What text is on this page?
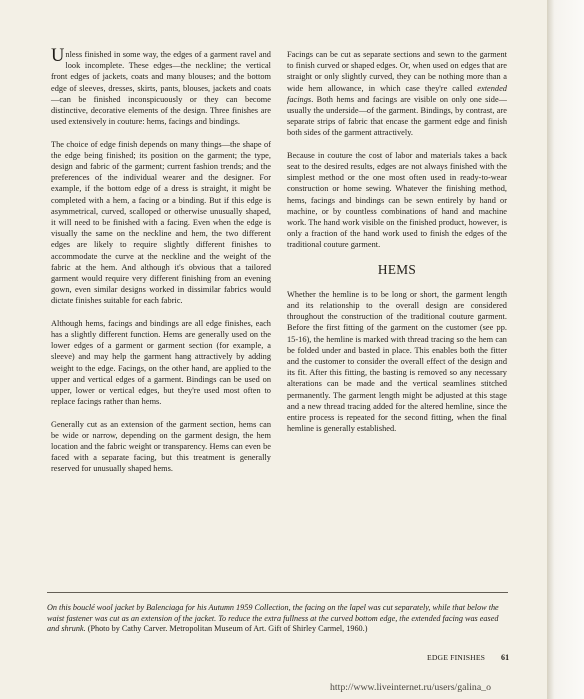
Unless finished in some way, the edges of a garment ravel and look incomplete. These edges—the neckline; the vertical front edges of jackets, coats and many blouses; and the bottom edge of sleeves, dresses, skirts, pants, blouses, jackets and coats—can be finished inconspicuously or they can become distinctive, decorative elements of the design. Three finishes are used extensively in couture: hems, facings and bindings.

The choice of edge finish depends on many things—the shape of the edge being finished; its position on the garment; the type, design and fabric of the garment; current fashion trends; and the preferences of the individual wearer and the designer. For example, if the bottom edge of a dress is straight, it might be completed with a hem, a facing or a binding. But if this edge is asymmetrical, curved, scalloped or otherwise unusually shaped, it will need to be finished with a facing. Even when the edge is visually the same on the neckline and hem, the two different edges are likely to require slightly different finishes to accommodate the curve at the neckline and the weight of the fabric at the hem. And although it's obvious that a tailored garment would require very different finishing from an evening gown, even similar designs worked in dissimilar fabrics would dictate finishes suitable for each fabric.

Although hems, facings and bindings are all edge finishes, each has a slightly different function. Hems are generally used on the lower edges of a garment or garment section (for example, a sleeve) and may help the garment hang attractively by adding weight to the edge. Facings, on the other hand, are applied to the upper and vertical edges of a garment. Bindings can be used on upper, lower or vertical edges, but they're used most often to replace facings rather than hems.

Generally cut as an extension of the garment section, hems can be wide or narrow, depending on the garment design, the hem location and the fabric weight or transparency. Hems can even be faced with a separate facing, but this treatment is generally reserved for unusually shaped hems.

Facings can be cut as separate sections and sewn to the garment to finish curved or shaped edges. Or, when used on edges that are straight or only slightly curved, they can be nothing more than a wide hem allowance, in which case they're called extended facings. Both hems and facings are visible on only one side—usually the underside—of the garment. Bindings, by contrast, are separate strips of fabric that encase the garment edge and finish both sides of the garment attractively.

Because in couture the cost of labor and materials takes a back seat to the desired results, edges are not always finished with the simplest method or the one most often used in ready-to-wear construction or home sewing. Whatever the finishing method, hems, facings and bindings can be sewn entirely by hand or machine, or by countless combinations of hand and machine work. The hand work visible on the finished product, however, is only a fraction of the hand work used to finish the edges of the traditional couture garment.

HEMS

Whether the hemline is to be long or short, the garment length and its relationship to the overall design are considered throughout the construction of the traditional couture garment. Before the first fitting of the garment on the customer (see pp. 15-16), the hemline is marked with thread tracing so the hem can be folded under and basted in place. This enables both the fitter and the customer to consider the overall effect of the design and its fit. After this fitting, the basting is removed so any necessary alterations can be made and the vertical seamlines stitched permanently. The garment length might be adjusted at this stage and a new thread tracing added for the altered hemline, since the entire process is repeated for the second fitting, when the final hemline is generally established.

On this bouclé wool jacket by Balenciaga for his Autumn 1959 Collection, the facing on the lapel was cut separately, while that below the waist fastener was cut as an extension of the jacket. To reduce the extra fullness at the curved bottom edge, the extended facing was eased and shrunk. (Photo by Cathy Carver. Metropolitan Museum of Art. Gift of Shirley Carmel, 1960.)
EDGE FINISHES 61
http://www.liveinternet.ru/users/galina_o
